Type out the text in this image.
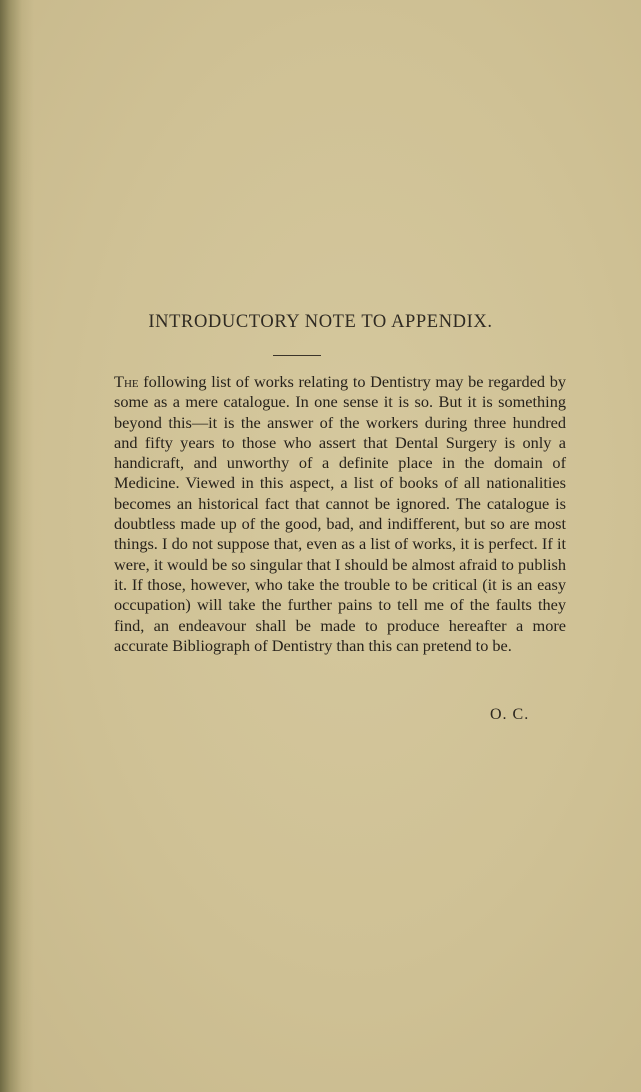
INTRODUCTORY NOTE TO APPENDIX.

The following list of works relating to Dentistry may be regarded by some as a mere catalogue. In one sense it is so. But it is something beyond this—it is the answer of the workers during three hundred and fifty years to those who assert that Dental Surgery is only a handicraft, and unworthy of a definite place in the domain of Medicine. Viewed in this aspect, a list of books of all nationalities becomes an historical fact that cannot be ignored. The catalogue is doubtless made up of the good, bad, and indifferent, but so are most things. I do not suppose that, even as a list of works, it is perfect. If it were, it would be so singular that I should be almost afraid to publish it. If those, however, who take the trouble to be critical (it is an easy occupation) will take the further pains to tell me of the faults they find, an endeavour shall be made to produce hereafter a more accurate Bibliograph of Dentistry than this can pretend to be.

O. C.
